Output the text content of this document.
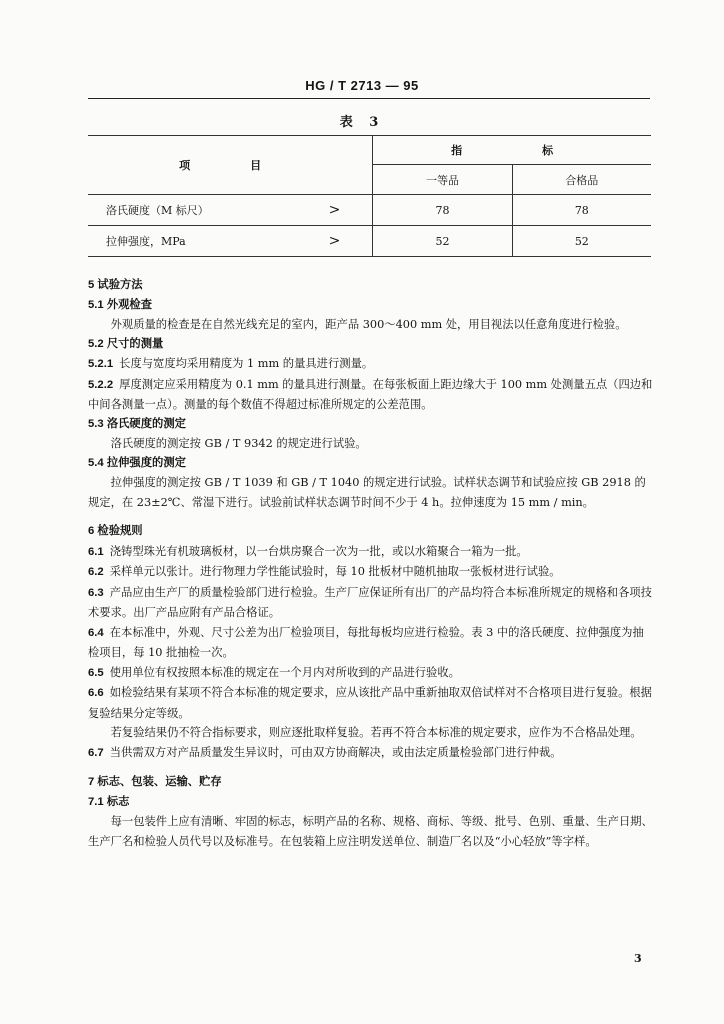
HG / T 2713 — 95
表 3
项目	指标	
	一等品	合格品
洛氏硬度（M 标尺） >	78	78
拉伸强度，MPa >	52	52

5 试验方法

5.1 外观检查

外观质量的检查是在自然光线充足的室内，距产品 300～400 mm 处，用目视法以任意角度进行检验。

5.2 尺寸的测量

5.2.1 长度与宽度均采用精度为 1 mm 的量具进行测量。

5.2.2 厚度测定应采用精度为 0.1 mm 的量具进行测量。在每张板面上距边缘大于 100 mm 处测量五点（四边和中间各测量一点）。测量的每个数值不得超过标准所规定的公差范围。

5.3 洛氏硬度的测定

洛氏硬度的测定按 GB / T 9342 的规定进行试验。

5.4 拉伸强度的测定

拉伸强度的测定按 GB / T 1039 和 GB / T 1040 的规定进行试验。试样状态调节和试验应按 GB 2918 的规定，在 23±2℃、常湿下进行。试验前试样状态调节时间不少于 4 h。拉伸速度为 15 mm / min。

6 检验规则

6.1 浇铸型珠光有机玻璃板材，以一台烘房聚合一次为一批，或以水箱聚合一箱为一批。

6.2 采样单元以张计。进行物理力学性能试验时，每 10 批板材中随机抽取一张板材进行试验。

6.3 产品应由生产厂的质量检验部门进行检验。生产厂应保证所有出厂的产品均符合本标准所规定的规格和各项技术要求。出厂产品应附有产品合格证。

6.4 在本标准中，外观、尺寸公差为出厂检验项目，每批每板均应进行检验。表 3 中的洛氏硬度、拉伸强度为抽检项目，每 10 批抽检一次。

6.5 使用单位有权按照本标准的规定在一个月内对所收到的产品进行验收。

6.6 如检验结果有某项不符合本标准的规定要求，应从该批产品中重新抽取双倍试样对不合格项目进行复验。根据复验结果分定等级。

若复验结果仍不符合指标要求，则应逐批取样复验。若再不符合本标准的规定要求，应作为不合格品处理。

6.7 当供需双方对产品质量发生异议时，可由双方协商解决，或由法定质量检验部门进行仲裁。

7 标志、包装、运输、贮存

7.1 标志

每一包装件上应有清晰、牢固的标志，标明产品的名称、规格、商标、等级、批号、色别、重量、生产日期、生产厂名和检验人员代号以及标准号。在包装箱上应注明发送单位、制造厂名以及“小心轻放”等字样。

3
